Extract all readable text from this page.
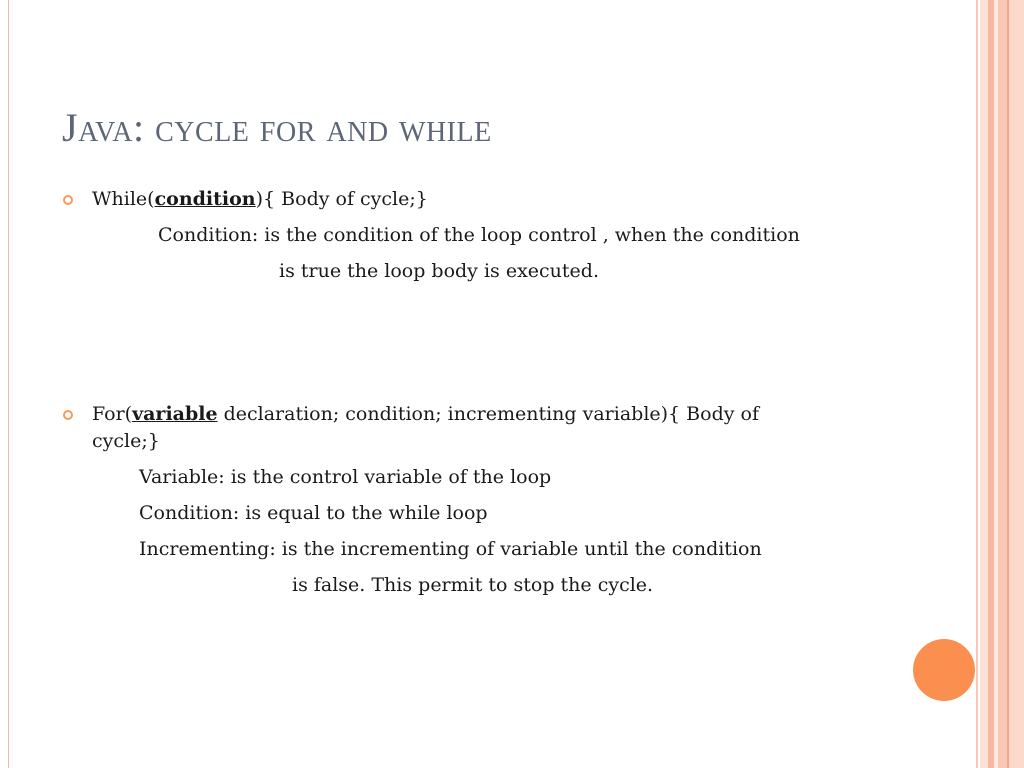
Java: cycle for and while
While(condition){ Body of cycle;}
Condition: is the condition of the loop control , when the condition
is true the loop body is executed.
For(variable declaration; condition; incrementing variable){ Body of
cycle;}
Variable: is the control variable of the loop
Condition: is equal to the while loop
Incrementing: is the incrementing of variable until the condition
is false. This permit to stop the cycle.
